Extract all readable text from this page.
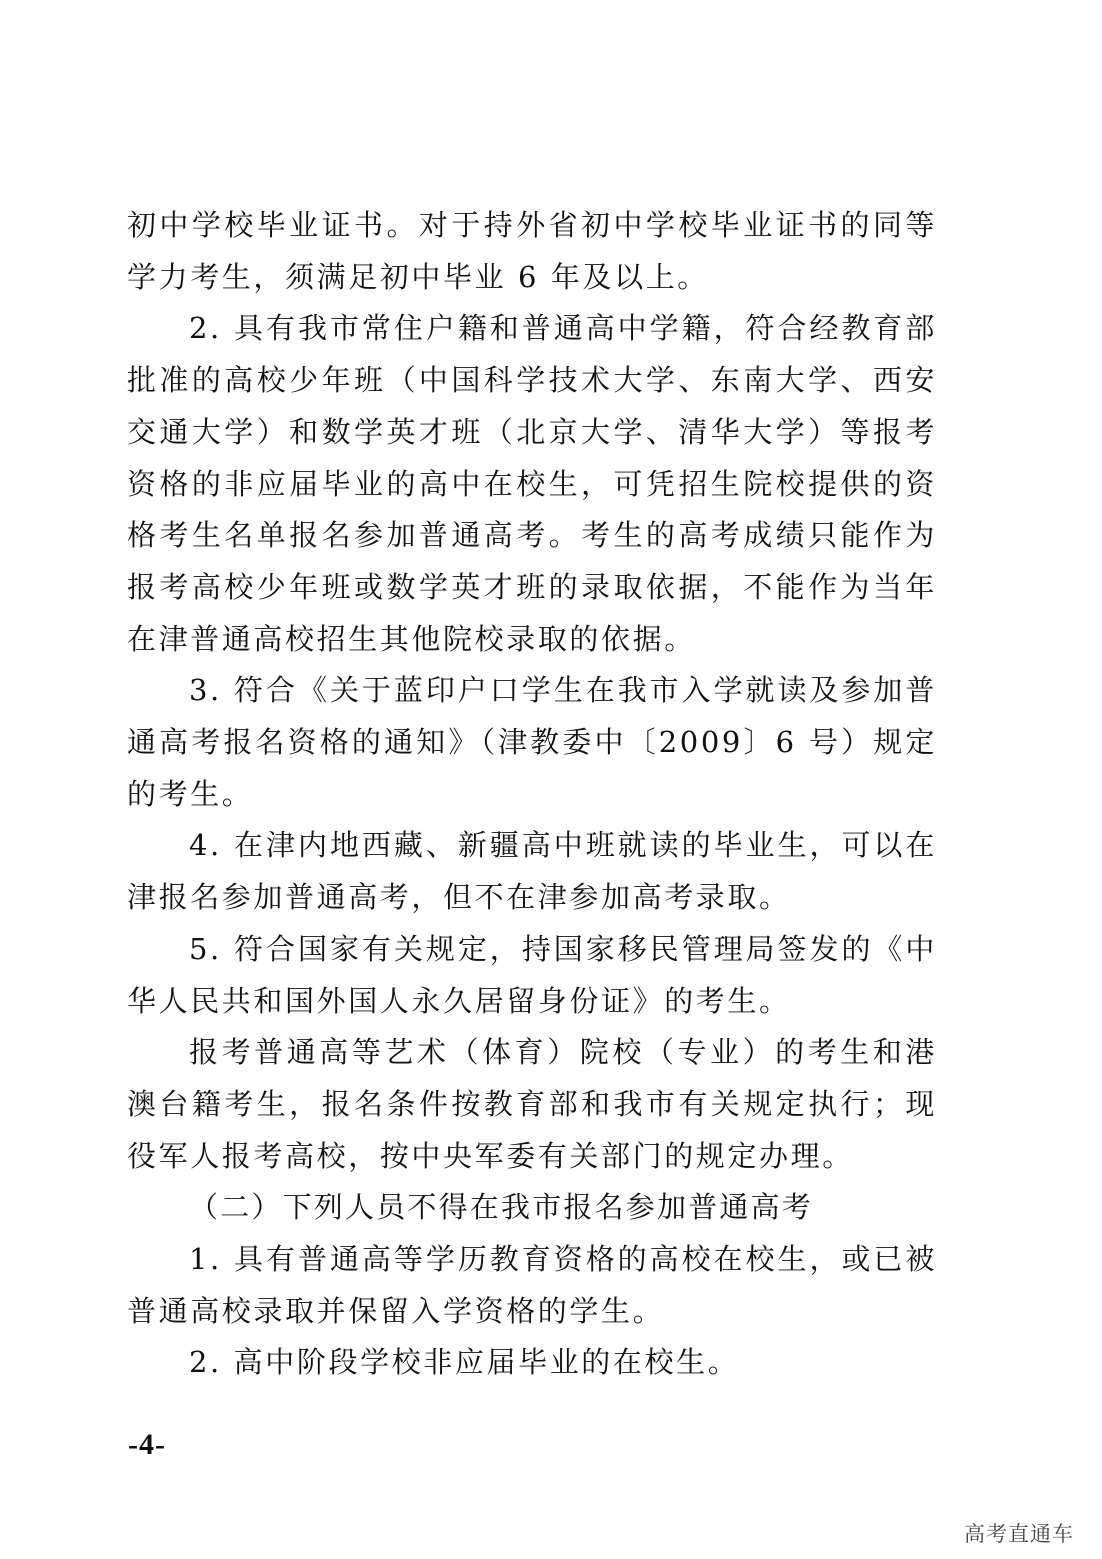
初中学校毕业证书。对于持外省初中学校毕业证书的同等学力考生，须满足初中毕业 6 年及以上。

2. 具有我市常住户籍和普通高中学籍，符合经教育部批准的高校少年班（中国科学技术大学、东南大学、西安交通大学）和数学英才班（北京大学、清华大学）等报考资格的非应届毕业的高中在校生，可凭招生院校提供的资格考生名单报名参加普通高考。考生的高考成绩只能作为报考高校少年班或数学英才班的录取依据，不能作为当年在津普通高校招生其他院校录取的依据。

3. 符合《关于蓝印户口学生在我市入学就读及参加普通高考报名资格的通知》（津教委中〔2009〕6 号）规定的考生。

4. 在津内地西藏、新疆高中班就读的毕业生，可以在津报名参加普通高考，但不在津参加高考录取。

5. 符合国家有关规定，持国家移民管理局签发的《中华人民共和国外国人永久居留身份证》的考生。

报考普通高等艺术（体育）院校（专业）的考生和港澳台籍考生，报名条件按教育部和我市有关规定执行；现役军人报考高校，按中央军委有关部门的规定办理。

（二）下列人员不得在我市报名参加普通高考

1. 具有普通高等学历教育资格的高校在校生，或已被普通高校录取并保留入学资格的学生。

2. 高中阶段学校非应届毕业的在校生。

-4-
高考直通车
